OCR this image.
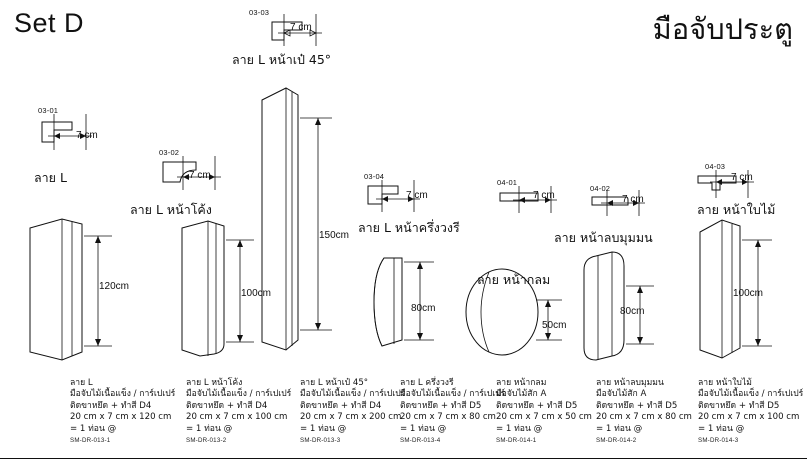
Set D	มือจับประตู
03-03
03-01
03-02
03-04
04-01
04-02
04-03
7 cm
7 cm
7 cm
7 cm	7 cm	7 cm
7 cm
ลาย L
ลาย L หน้าโค้ง
ลาย L หน้าเป๋ 45°
ลาย L หน้าครึ่งวงรี
ลาย หน้ากลม
ลาย หน้าลบมุมมน
ลาย หน้าใบไม้
120cm
100cm
150cm
80cm
50cm
80cm
100cm
ลาย L
มือจับไม้เนื้อแข็ง / การ์เปเปร์
ติดขาหยึด + ทำสี D4
20 cm x 7 cm x 120 cm
= 1 ท่อน @
SM-DR-013-1
ลาย L หน้าโค้ง
มือจับไม้เนื้อแข็ง / การ์เปเปร์
ติดขาหยึด + ทำสี D4
20 cm x 7 cm x 100 cm
= 1 ท่อน @
SM-DR-013-2
ลาย L หน้าเป๋ 45°
มือจับไม้เนื้อแข็ง / การ์เปเปร์
ติดขาหยึด + ทำสี D4
20 cm x 7 cm x 200 cm
= 1 ท่อน @
SM-DR-013-3
ลาย L ครึ่งวงรี
มือจับไม้เนื้อแข็ง / การ์เปเปร์
ติดขาหยึด + ทำสี D5
20 cm x 7 cm x 80 cm
= 1 ท่อน @
SM-DR-013-4
ลาย หน้ากลม
มือจับไม้สัก A
ติดขาหยึด + ทำสี D5
20 cm x 7 cm x 50 cm
= 1 ท่อน @
SM-DR-014-1
ลาย หน้าลบมุมมน
มือจับไม้สัก A
ติดขาหยึด + ทำสี D5
20 cm x 7 cm x 80 cm
= 1 ท่อน @
SM-DR-014-2
ลาย หน้าใบไม้
มือจับไม้เนื้อแข็ง / การ์เปเปร์
ติดขาหยึด + ทำสี D5
20 cm x 7 cm x 100 cm
= 1 ท่อน @
SM-DR-014-3
